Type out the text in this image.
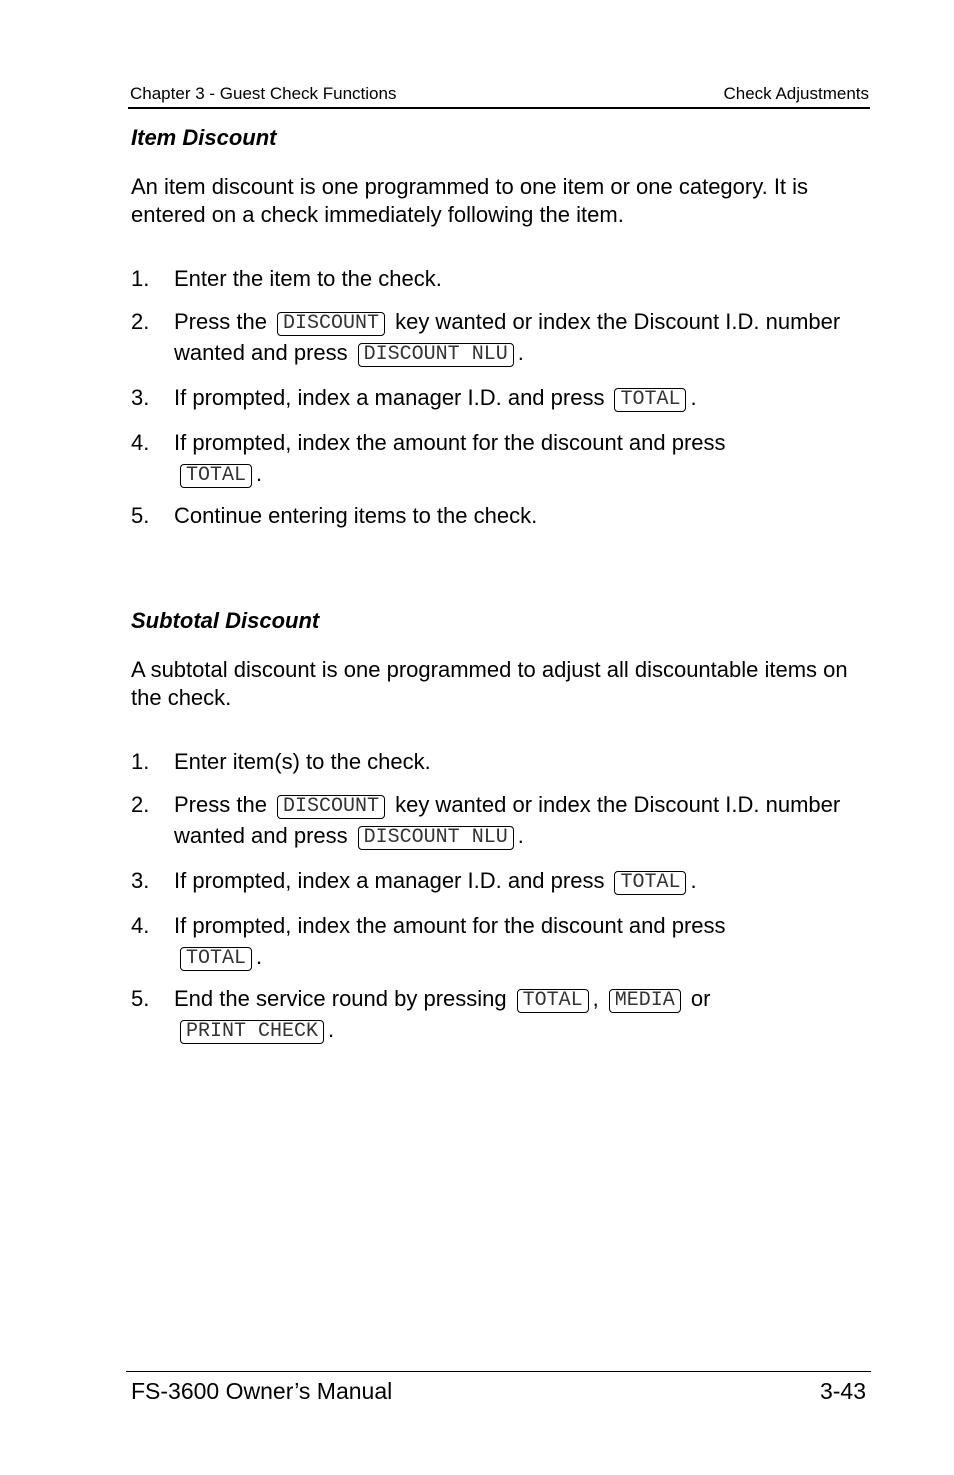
Chapter 3 - Guest Check Functions	Check Adjustments
Item Discount
An item discount is one programmed to one item or one category. It is entered on a check immediately following the item.
1. Enter the item to the check.
2. Press the DISCOUNT key wanted or index the Discount I.D. number wanted and press DISCOUNT NLU .
3. If prompted, index a manager I.D. and press TOTAL .
4. If prompted, index the amount for the discount and press
TOTAL .
5. Continue entering items to the check.
Subtotal Discount
A subtotal discount is one programmed to adjust all discountable items on the check.
1. Enter item(s) to the check.
2. Press the DISCOUNT key wanted or index the Discount I.D. number wanted and press DISCOUNT NLU .
3. If prompted, index a manager I.D. and press TOTAL .
4. If prompted, index the amount for the discount and press
TOTAL .
5. End the service round by pressing TOTAL , MEDIA or
PRINT CHECK .
FS-3600 Owner’s Manual	3-43
